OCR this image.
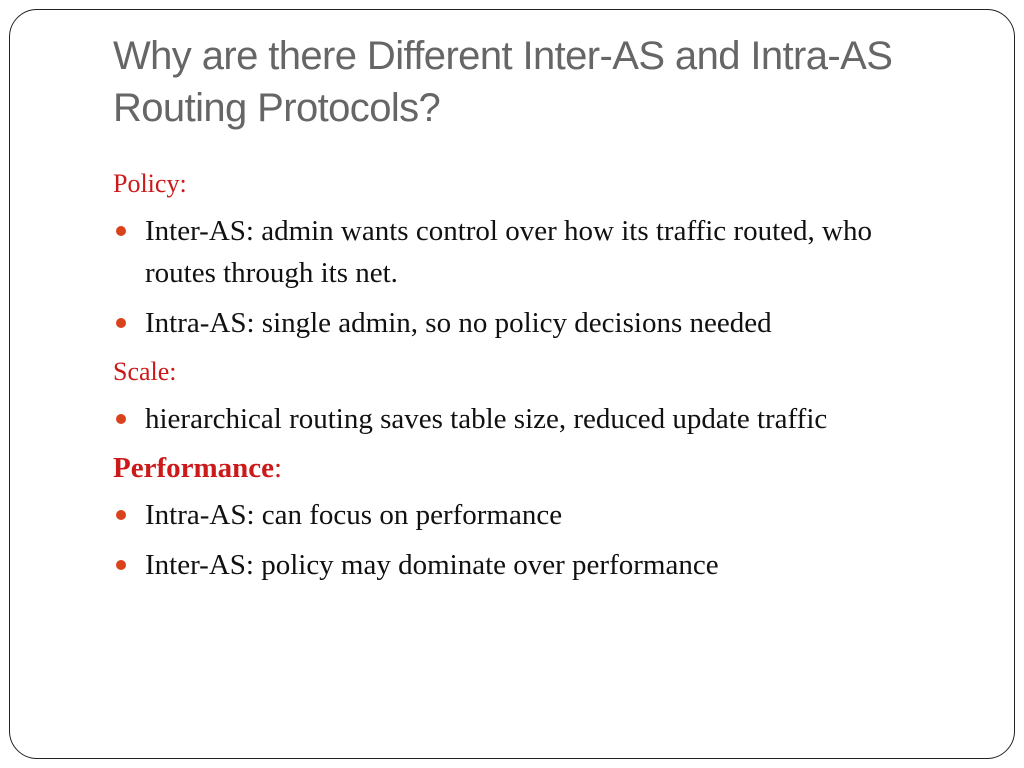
Why are there Different Inter-AS and Intra-AS Routing Protocols?
Policy:
Inter-AS: admin wants control over how its traffic routed, who routes through its net.
Intra-AS: single admin, so no policy decisions needed
Scale:
hierarchical routing saves table size, reduced update traffic
Performance:
Intra-AS: can focus on performance
Inter-AS: policy may dominate over performance
